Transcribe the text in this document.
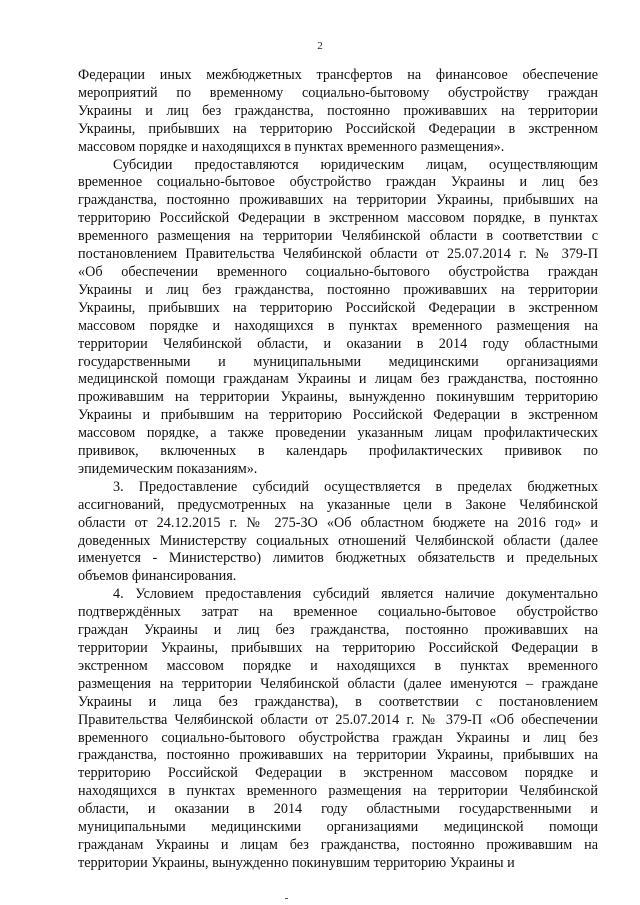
2

Федерации иных межбюджетных трансфертов на финансовое обеспечение
мероприятий по временному социально-бытовому обустройству граждан
Украины и лиц без гражданства, постоянно проживавших на территории
Украины, прибывших на территорию Российской Федерации в экстренном
массовом порядке и находящихся в пунктах временного размещения».

Субсидии предоставляются юридическим лицам, осуществляющим
временное социально-бытовое обустройство граждан Украины и лиц без
гражданства, постоянно проживавших на территории Украины, прибывших на
территорию Российской Федерации в экстренном массовом порядке, в пунктах
временного размещения на территории Челябинской области в соответствии с
постановлением Правительства Челябинской области от 25.07.2014 г. № 379-П
«Об обеспечении временного социально-бытового обустройства граждан
Украины и лиц без гражданства, постоянно проживавших на территории
Украины, прибывших на территорию Российской Федерации в экстренном
массовом порядке и находящихся в пунктах временного размещения на
территории Челябинской области, и оказании в 2014 году областными
государственными и муниципальными медицинскими организациями
медицинской помощи гражданам Украины и лицам без гражданства, постоянно
проживавшим на территории Украины, вынужденно покинувшим территорию
Украины и прибывшим на территорию Российской Федерации в экстренном
массовом порядке, а также проведении указанным лицам профилактических
прививок, включенных в календарь профилактических прививок по
эпидемическим показаниям».

3. Предоставление субсидий осуществляется в пределах бюджетных
ассигнований, предусмотренных на указанные цели в Законе Челябинской
области от 24.12.2015 г. № 275-ЗО «Об областном бюджете на 2016 год» и
доведенных Министерству социальных отношений Челябинской области (далее
именуется - Министерство) лимитов бюджетных обязательств и предельных
объемов финансирования.

4. Условием предоставления субсидий является наличие документально
подтверждённых затрат на временное социально-бытовое обустройство
граждан Украины и лиц без гражданства, постоянно проживавших на
территории Украины, прибывших на территорию Российской Федерации в
экстренном массовом порядке и находящихся в пунктах временного
размещения на территории Челябинской области (далее именуются – граждане
Украины и лица без гражданства), в соответствии с постановлением
Правительства Челябинской области от 25.07.2014 г. № 379-П «Об обеспечении
временного социально-бытового обустройства граждан Украины и лиц без
гражданства, постоянно проживавших на территории Украины, прибывших на
территорию Российской Федерации в экстренном массовом порядке и
находящихся в пунктах временного размещения на территории Челябинской
области, и оказании в 2014 году областными государственными и
муниципальными медицинскими организациями медицинской помощи
гражданам Украины и лицам без гражданства, постоянно проживавшим на
территории Украины, вынужденно покинувшим территорию Украины и
